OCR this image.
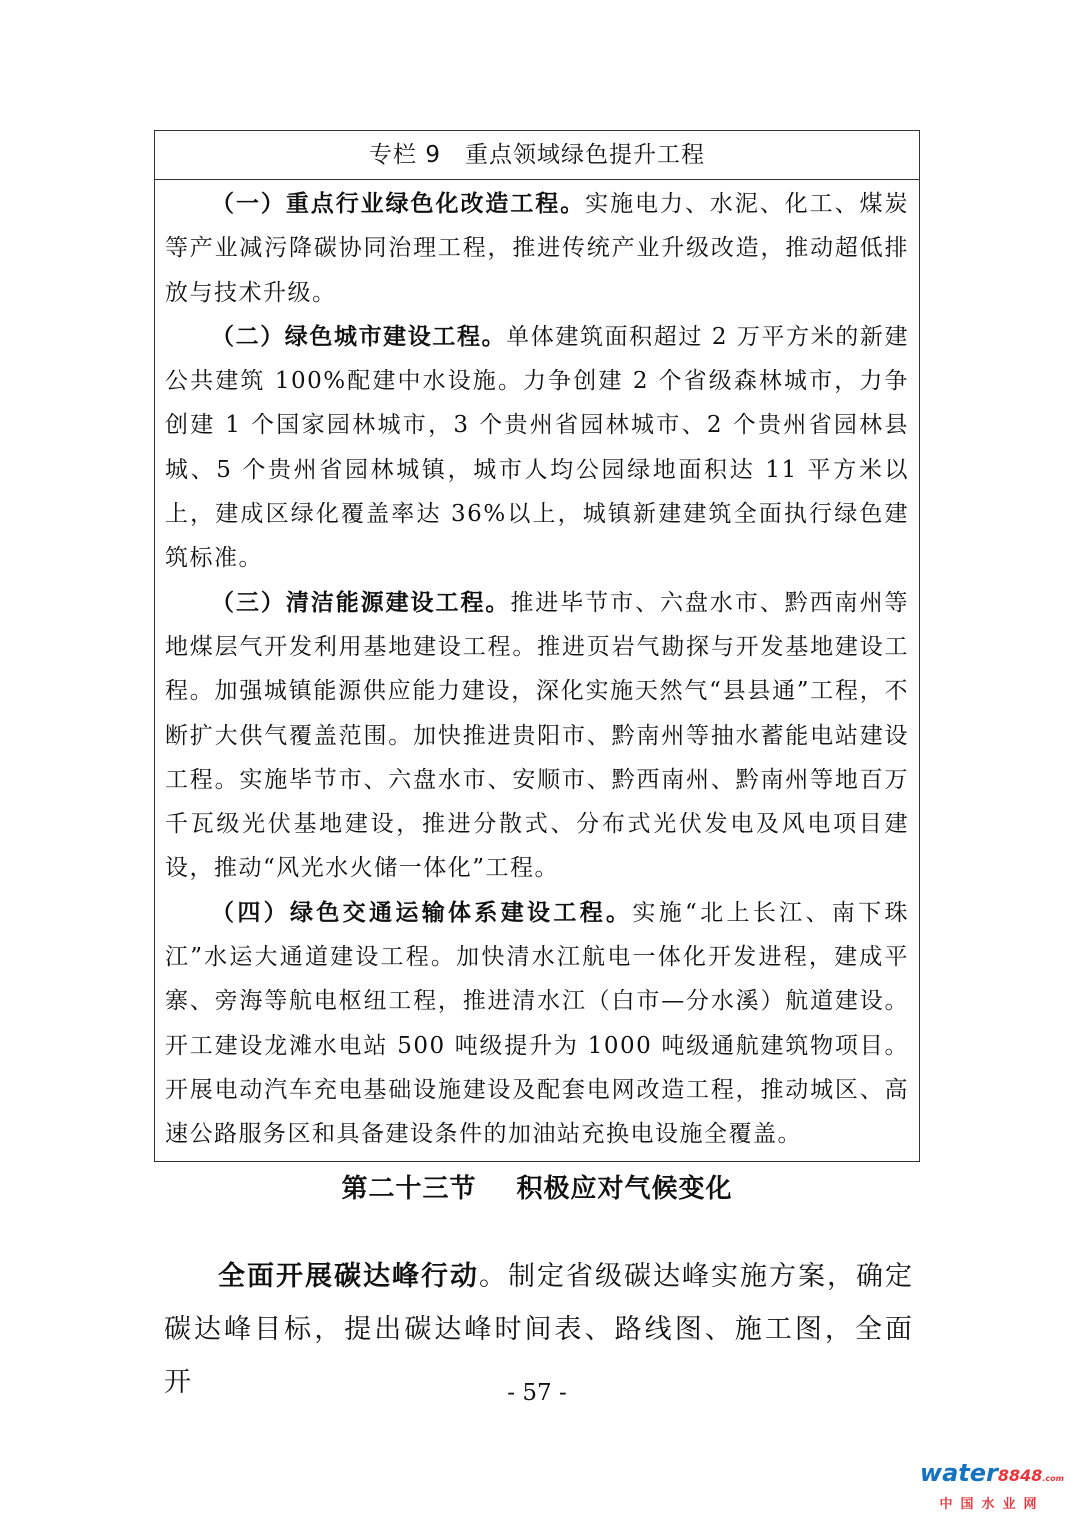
专栏 9　重点领域绿色提升工程

（一）重点行业绿色化改造工程。实施电力、水泥、化工、煤炭等产业减污降碳协同治理工程，推进传统产业升级改造，推动超低排放与技术升级。

（二）绿色城市建设工程。单体建筑面积超过 2 万平方米的新建公共建筑 100%配建中水设施。力争创建 2 个省级森林城市，力争创建 1 个国家园林城市，3 个贵州省园林城市、2 个贵州省园林县城、5 个贵州省园林城镇，城市人均公园绿地面积达 11 平方米以上，建成区绿化覆盖率达 36%以上，城镇新建建筑全面执行绿色建筑标准。

（三）清洁能源建设工程。推进毕节市、六盘水市、黔西南州等地煤层气开发利用基地建设工程。推进页岩气勘探与开发基地建设工程。加强城镇能源供应能力建设，深化实施天然气“县县通”工程，不断扩大供气覆盖范围。加快推进贵阳市、黔南州等抽水蓄能电站建设工程。实施毕节市、六盘水市、安顺市、黔西南州、黔南州等地百万千瓦级光伏基地建设，推进分散式、分布式光伏发电及风电项目建设，推动“风光水火储一体化”工程。

（四）绿色交通运输体系建设工程。实施“北上长江、南下珠江”水运大通道建设工程。加快清水江航电一体化开发进程，建成平寨、旁海等航电枢纽工程，推进清水江（白市—分水溪）航道建设。开工建设龙滩水电站 500 吨级提升为 1000 吨级通航建筑物项目。开展电动汽车充电基础设施建设及配套电网改造工程，推动城区、高速公路服务区和具备建设条件的加油站充换电设施全覆盖。

第二十三节 积极应对气候变化

全面开展碳达峰行动。制定省级碳达峰实施方案，确定碳达峰目标，提出碳达峰时间表、路线图、施工图，全面开	- 57 -
water8848.com
中国水业网
